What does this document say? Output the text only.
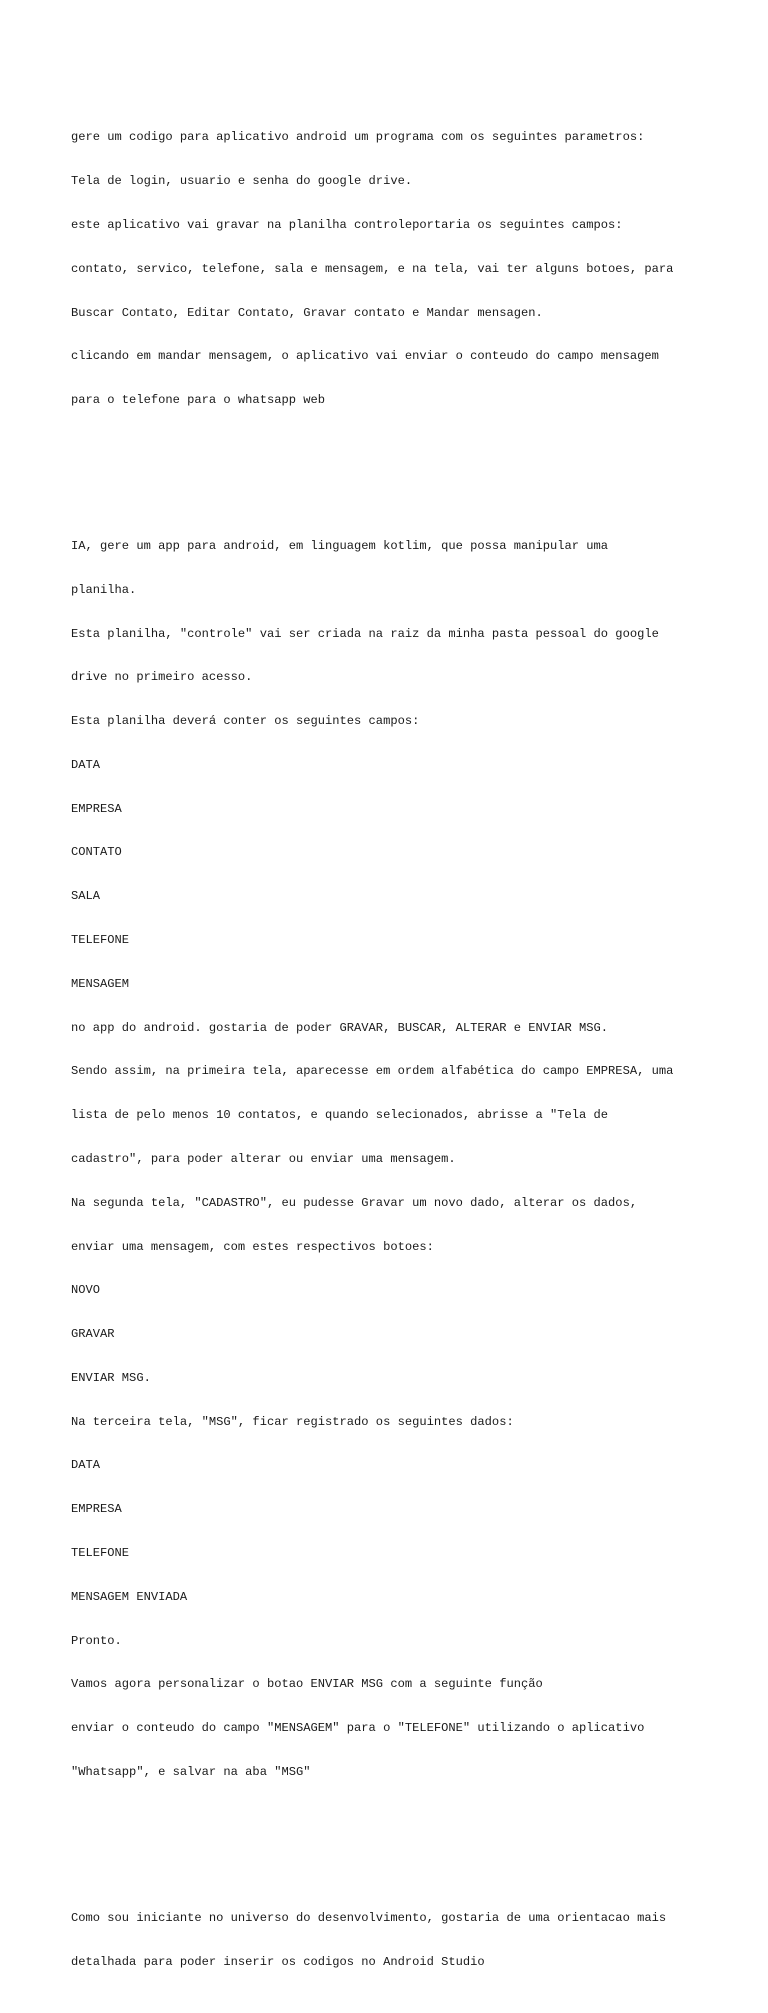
gere um codigo para aplicativo android um programa com os seguintes parametros:

Tela de login, usuario e senha do google drive.

este aplicativo vai gravar na planilha controleportaria os seguintes campos:

contato, servico, telefone, sala e mensagem, e na tela, vai ter alguns botoes, para

Buscar Contato, Editar Contato, Gravar contato e Mandar mensagen.

clicando em mandar mensagem, o aplicativo vai enviar o conteudo do campo mensagem

para o telefone para o whatsapp web

IA, gere um app para android, em linguagem kotlim, que possa manipular uma

planilha.

Esta planilha, "controle" vai ser criada na raiz da minha pasta pessoal do google

drive no primeiro acesso.

Esta planilha deverá conter os seguintes campos:

DATA

EMPRESA

CONTATO

SALA

TELEFONE

MENSAGEM

no app do android. gostaria de poder GRAVAR, BUSCAR, ALTERAR e ENVIAR MSG.

Sendo assim, na primeira tela, aparecesse em ordem alfabética do campo EMPRESA, uma

lista de pelo menos 10 contatos, e quando selecionados, abrisse a "Tela de

cadastro", para poder alterar ou enviar uma mensagem.

Na segunda tela, "CADASTRO", eu pudesse Gravar um novo dado, alterar os dados,

enviar uma mensagem, com estes respectivos botoes:

NOVO

GRAVAR

ENVIAR MSG.

Na terceira tela, "MSG", ficar registrado os seguintes dados:

DATA

EMPRESA

TELEFONE

MENSAGEM ENVIADA

Pronto.

Vamos agora personalizar o botao ENVIAR MSG com a seguinte função

enviar o conteudo do campo "MENSAGEM" para o "TELEFONE" utilizando o aplicativo

"Whatsapp", e salvar na aba "MSG"

Como sou iniciante no universo do desenvolvimento, gostaria de uma orientacao mais

detalhada para poder inserir os codigos no Android Studio
